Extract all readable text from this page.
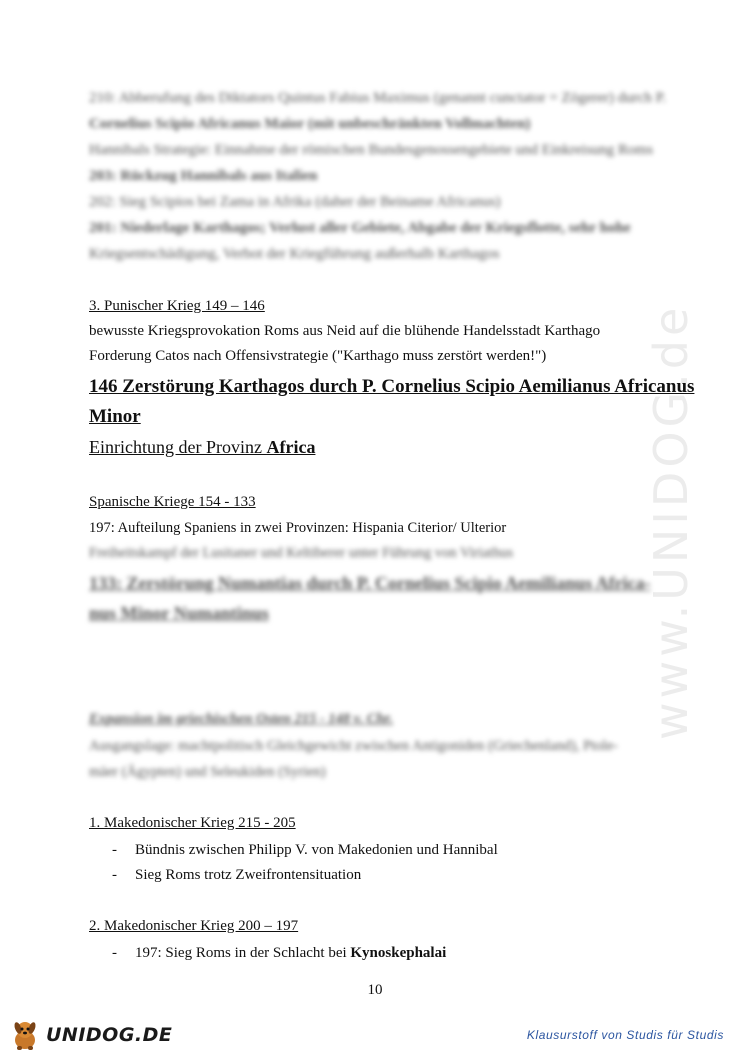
www.UNIDOG.de
210: Abberufung des Diktators Quintus Fabius Maximus (genannt cunctator = Zögerer) durch P.
Cornelius Scipio Africanus Maior (mit unbeschränkten Vollmachten)
Hannibals Strategie: Einnahme der römischen Bundesgenossengebiete und Einkreisung Roms
203: Rückzug Hannibals aus Italien
202: Sieg Scipios bei Zama in Afrika (daher der Beiname Africanus)
201: Niederlage Karthagos; Verlust aller Gebiete, Abgabe der Kriegsflotte, sehr hohe
Kriegsentschädigung, Verbot der Kriegführung außerhalb Karthagos
3. Punischer Krieg 149 – 146
bewusste Kriegsprovokation Roms aus Neid auf die blühende Handelsstadt Karthago
Forderung Catos nach Offensivstrategie ("Karthago muss zerstört werden!")
146 Zerstörung Karthagos durch P. Cornelius Scipio Aemilianus Africanus
Minor
Einrichtung der Provinz Africa
Spanische Kriege 154 - 133
197: Aufteilung Spaniens in zwei Provinzen: Hispania Citerior/ Ulterior
Freiheitskampf der Lusitaner und Keltiberer unter Führung von Viriathus
133: Zerstörung Numantias durch P. Cornelius Scipio Aemilianus Africa-
nus Minor Numantinus
Expansion im griechischen Osten 215 - 148 v. Chr.
Ausgangslage: machtpolitisch Gleichgewicht zwischen Antigoniden (Griechenland), Ptole-
mäer (Ägypten) und Seleukiden (Syrien)
1. Makedonischer Krieg 215 - 205
- Bündnis zwischen Philipp V. von Makedonien und Hannibal
- Sieg Roms trotz Zweifrontensituation
2. Makedonischer Krieg 200 – 197
- 197: Sieg Roms in der Schlacht bei Kynoskephalai
10
UNIDOG.DE	Klausurstoff von Studis für Studis
